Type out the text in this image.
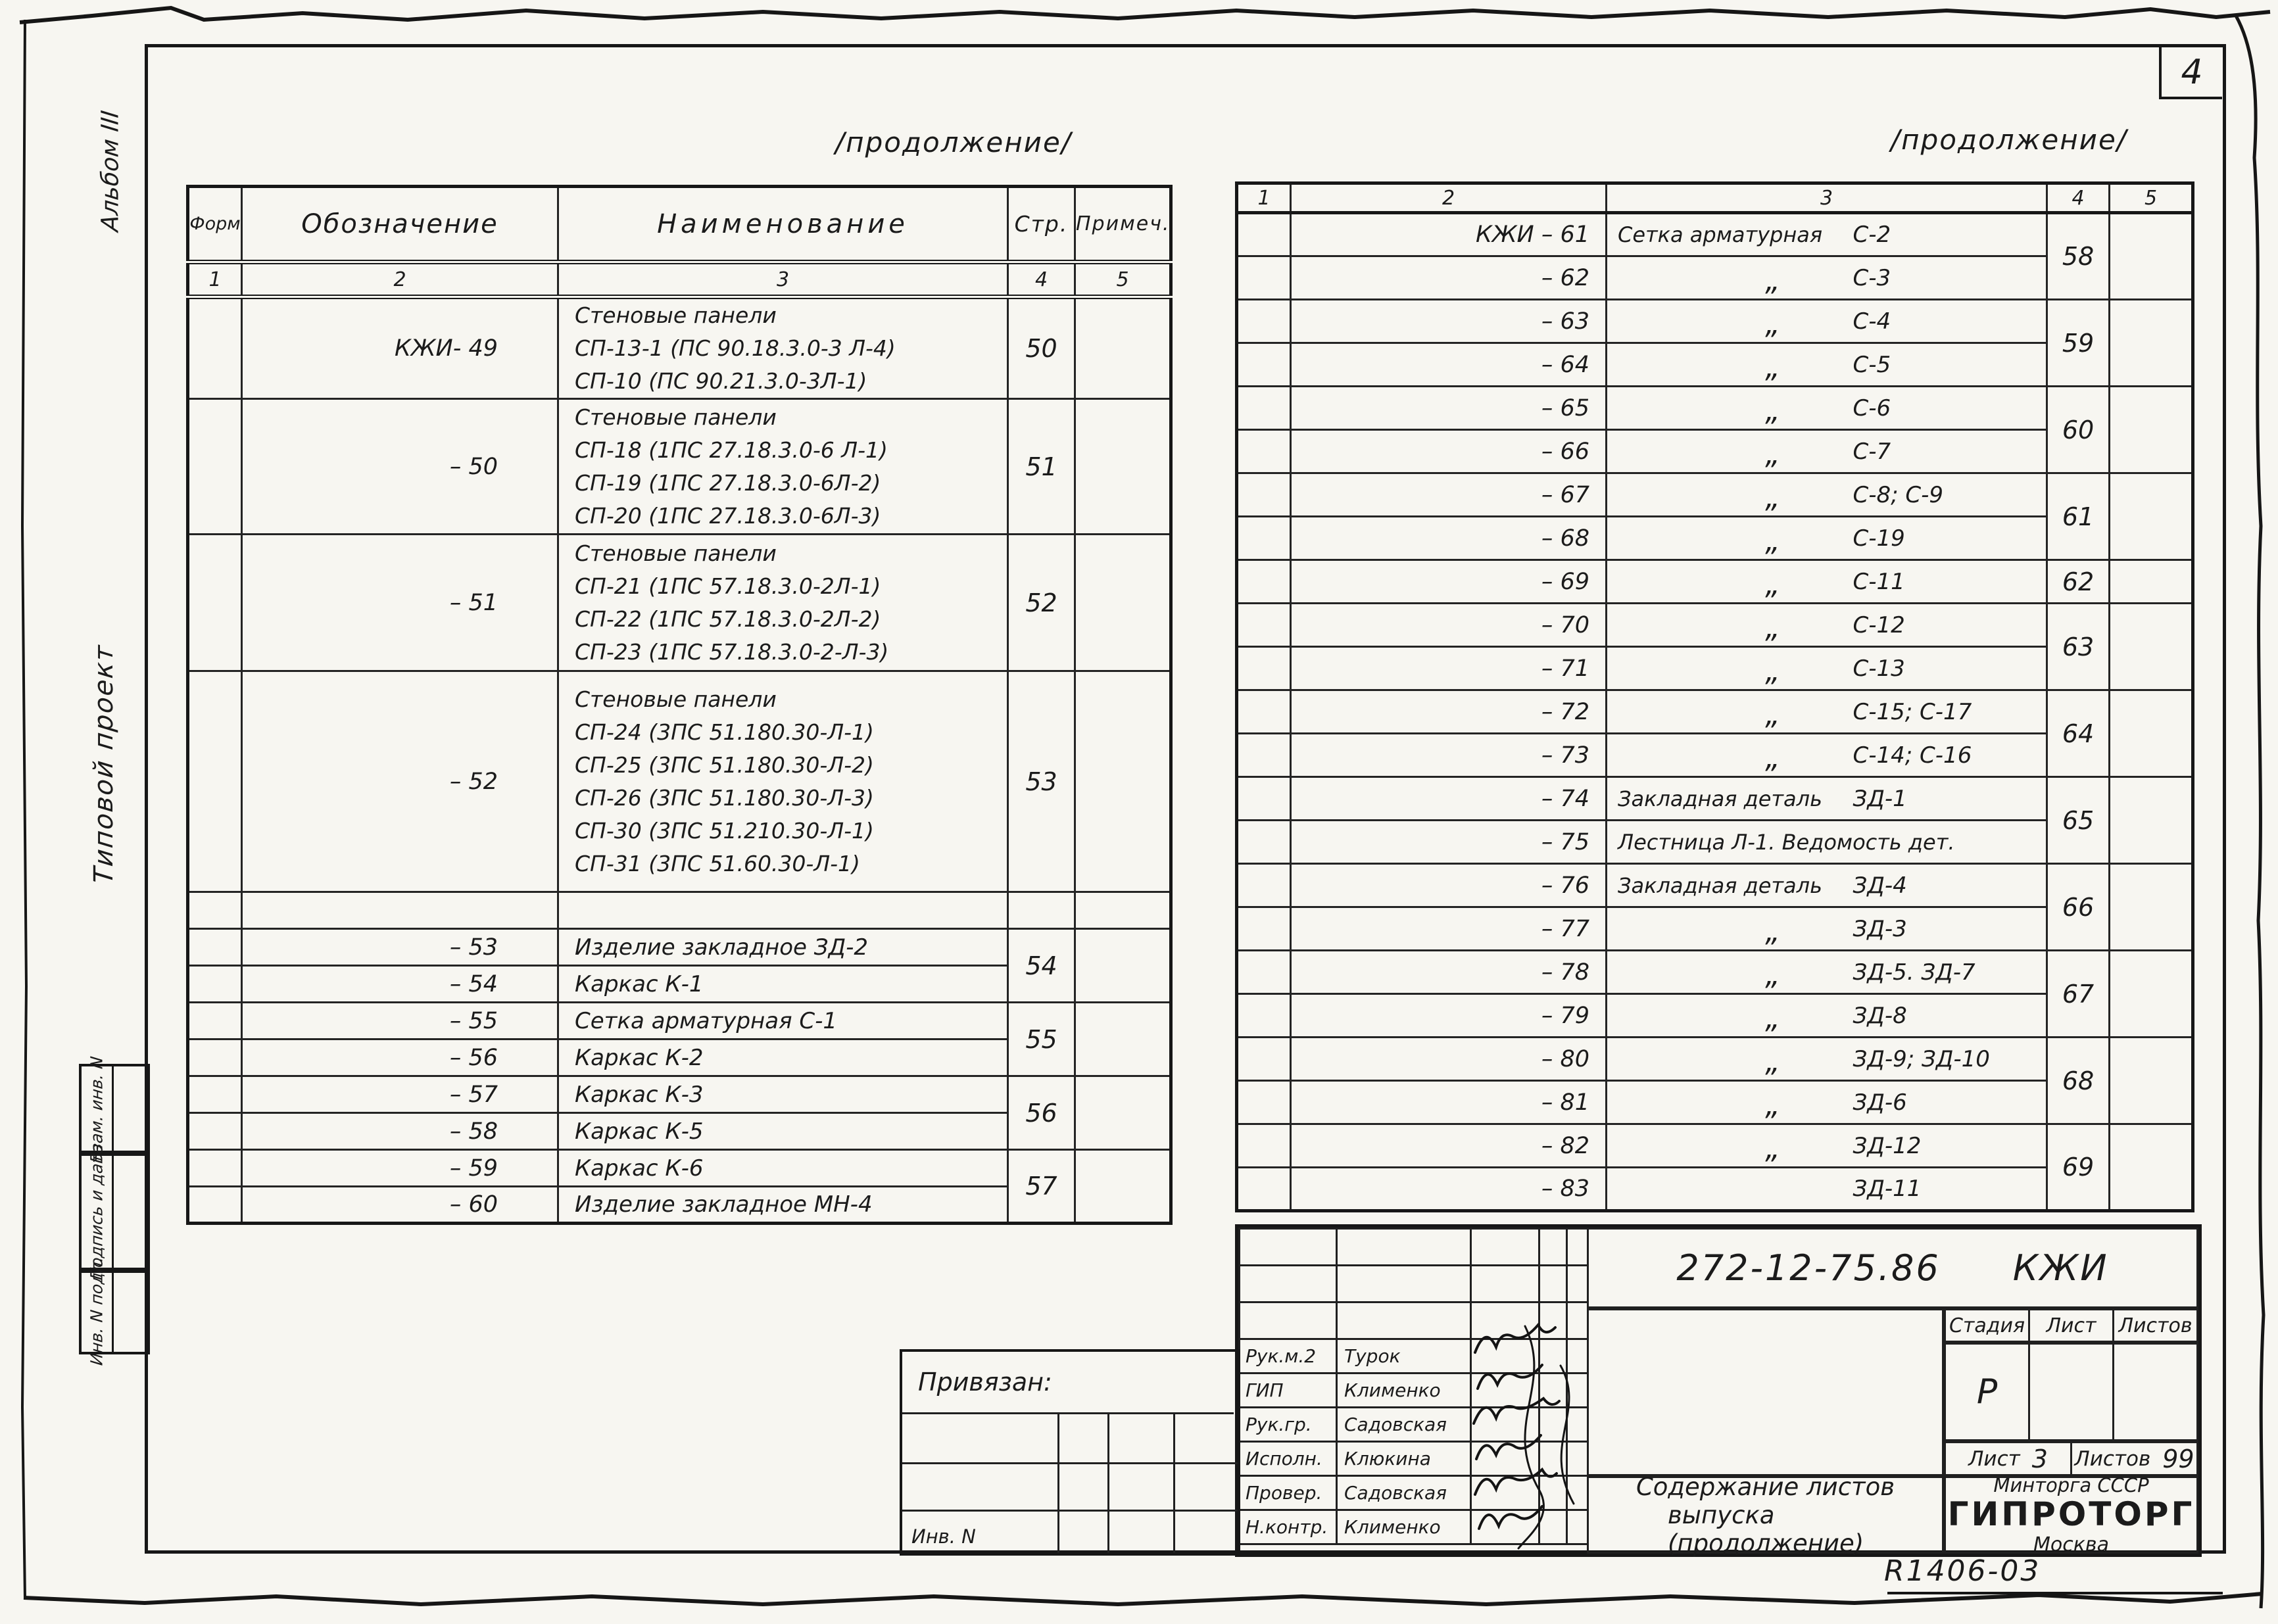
4
/продолжение/	/продолжение/
Альбом III
Типовой проект
Взам. инв. N
Подпись и дата
Инв. N подл.
Форм	Обозначение	Наименование	Стр.	Примеч.
1	2	3	4	5
	КЖИ- 49	Стеновые панели
СП-13-1 (ПС 90.18.3.0-3 Л-4)
СП-10 (ПС 90.21.3.0-3Л-1)	50	
	– 50	Стеновые панели
СП-18 (1ПС 27.18.3.0-6 Л-1)
СП-19 (1ПС 27.18.3.0-6Л-2)
СП-20 (1ПС 27.18.3.0-6Л-3)	51	
	– 51	Стеновые панели
СП-21 (1ПС 57.18.3.0-2Л-1)
СП-22 (1ПС 57.18.3.0-2Л-2)
СП-23 (1ПС 57.18.3.0-2-Л-3)	52	
	– 52	
Стеновые панели
СП-24 (3ПС 51.180.30-Л-1)
СП-25 (3ПС 51.180.30-Л-2)
СП-26 (3ПС 51.180.30-Л-3)
СП-30 (3ПС 51.210.30-Л-1)
СП-31 (3ПС 51.60.30-Л-1)
	53	

	– 53	Изделие закладное ЗД-2	54	
	– 54	Каркас К-1		
	– 55	Сетка арматурная С-1	55	
	– 56	Каркас К-2		
	– 57	Каркас К-3	56	
	– 58	Каркас К-5		
	– 59	Каркас К-6	57	
	– 60	Изделие закладное МН-4		
1	2	3	4	5
	КЖИ – 61	Сетка арматурная С-2	58	
	– 62	„ С-3		

	– 63	„ С-4	59	
	– 64	„ С-5		

	– 65	„ С-6	60	
	– 66	„ С-7		

	– 67	„ С-8; С-9	61	
	– 68	„ С-19		

	– 69	„ С-11	62	
	– 70	„ С-12	63	
	– 71	„ С-13		

	– 72	„ С-15; С-17	64	
	– 73	„ С-14; С-16		

	– 74	Закладная деталь ЗД-1	65	
	– 75	Лестница Л-1. Ведомость дет.		

	– 76	Закладная деталь ЗД-4	66	
	– 77	„ ЗД-3		

	– 78	„ ЗД-5. ЗД-7	67	
	– 79	„ ЗД-8		

	– 80	„ ЗД-9; ЗД-10	68	
	– 81	„ ЗД-6		

	– 82	„ ЗД-12	69	
	– 83	ЗД-11		

Рук.м.2	Турок			
ГИП	Клименко			
Рук.гр.	Садовская			
Исполн.	Клюкина			
Провер.	Садовская			
Н.контр.	Клименко			
272-12-75.86 КЖИ
Стадия	Лист	Листов
Р
Лист 3 Листов 99
Минторга СССР
ГИПРОТОРГ
Москва
Содержание листов
выпуска (продолжение)
Привязан:
Инв. N
R1406-03
